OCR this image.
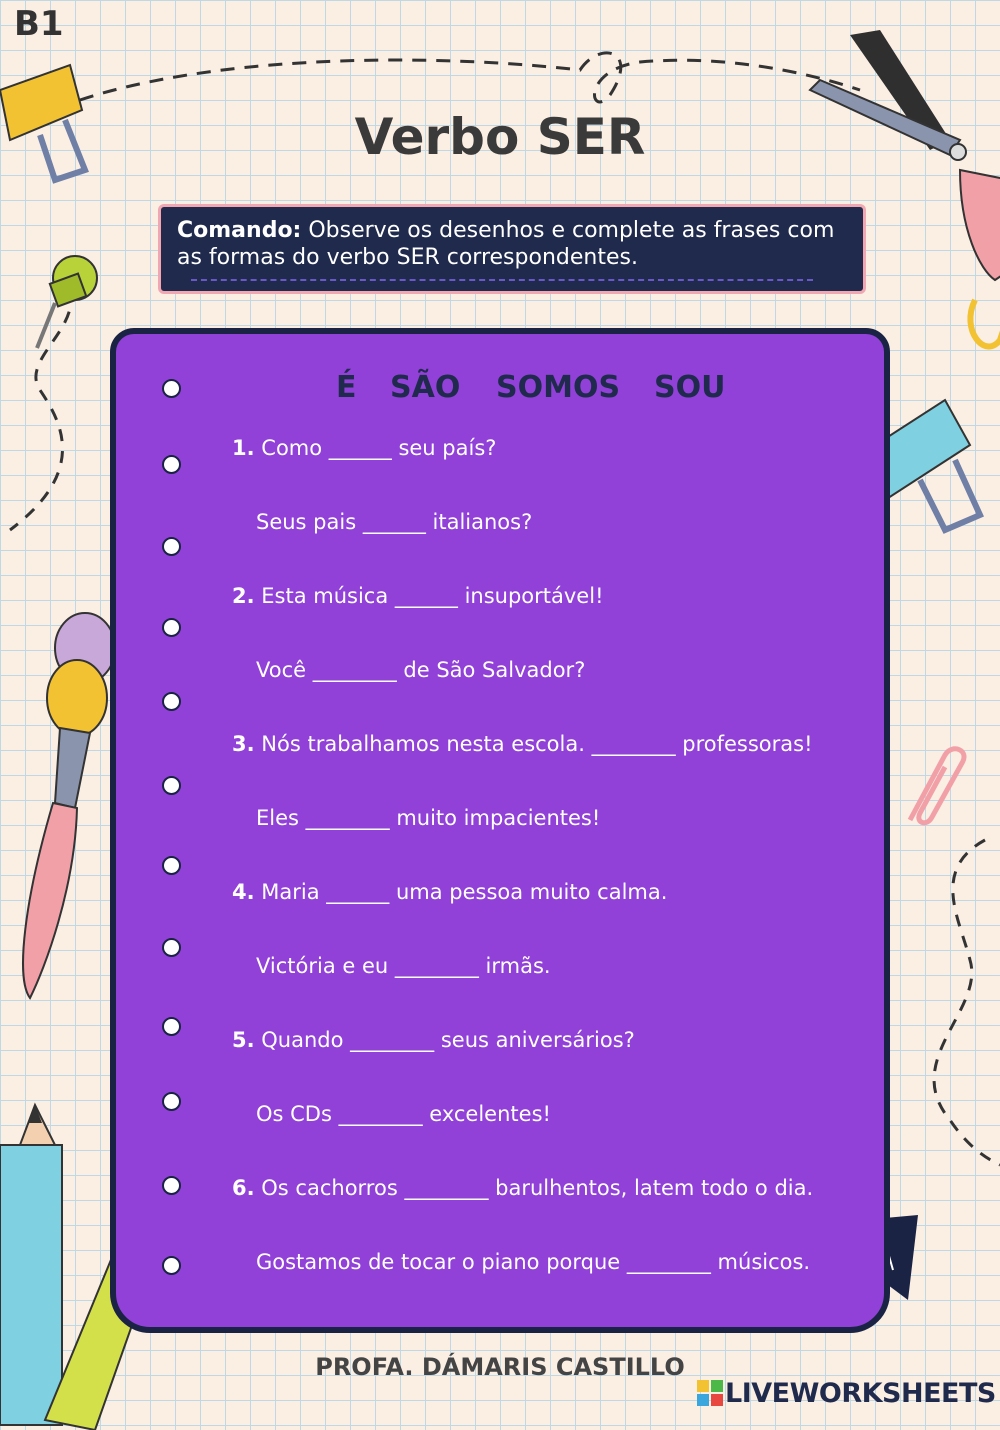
B1
Verbo SER
Comando: Observe os desenhos e complete as frases com as formas do verbo SER correspondentes.
É SÃO SOMOS SOU
1. Como ______ seu país?
Seus pais ______ italianos?
2. Esta música ______ insuportável!
Você ________ de São Salvador?
3. Nós trabalhamos nesta escola. ________ professoras!
Eles ________ muito impacientes!
4. Maria ______ uma pessoa muito calma.
Victória e eu ________ irmãs.
5. Quando ________ seus aniversários?
Os CDs ________ excelentes!
6. Os cachorros ________ barulhentos, latem todo o dia.
Gostamos de tocar o piano porque ________ músicos.
PROFA. DÁMARIS CASTILLO
LIVEWORKSHEETS
